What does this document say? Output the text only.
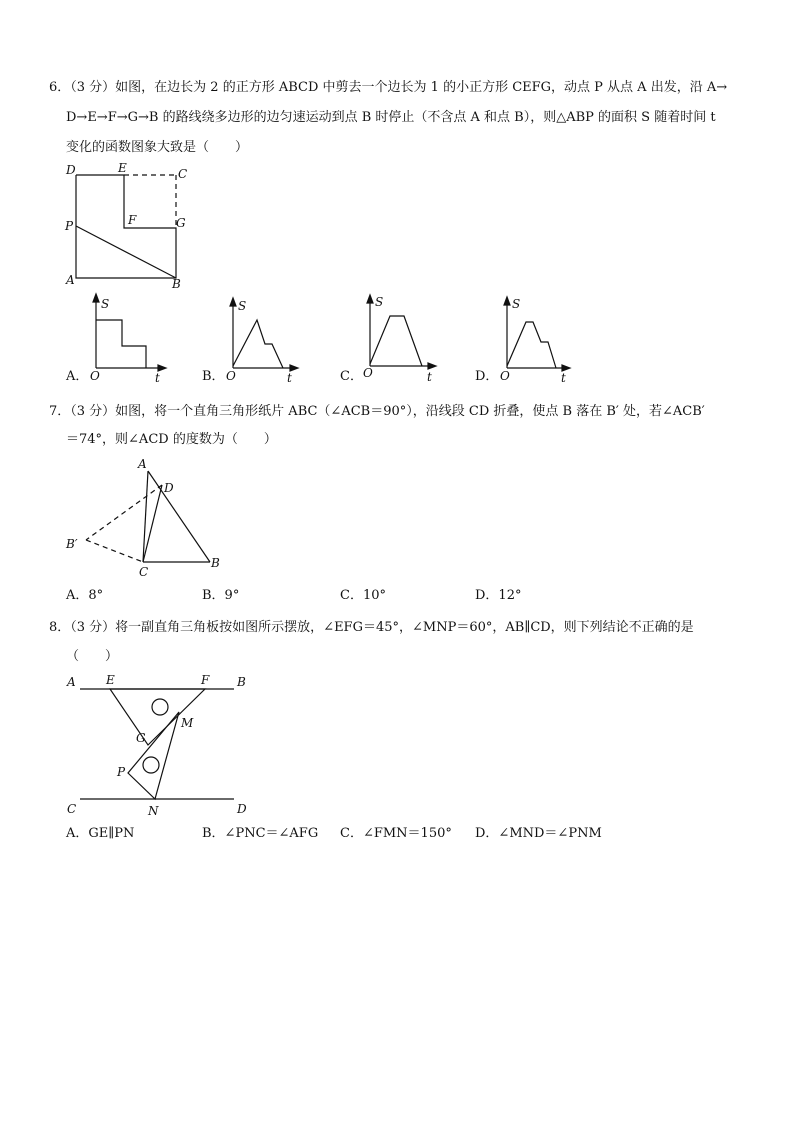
6．（3 分）如图，在边长为 2 的正方形 ABCD 中剪去一个边长为 1 的小正方形 CEFG，动点 P 从点 A 出发，沿 A→
D→E→F→G→B 的路线绕多边形的边匀速运动到点 B 时停止（不含点 A 和点 B），则△ABP 的面积 S 随着时间 t
变化的函数图象大致是（　　）
D	E	C
P	F	G
A	B
S
O	t
S
O	t
S
O	t
S
O	t
A．	B．	C．	D．
7．（3 分）如图，将一个直角三角形纸片 ABC（∠ACB＝90°），沿线段 CD 折叠，使点 B 落在 B′ 处，若∠ACB′
＝74°，则∠ACD 的度数为（　　）
A
D
B′
C
B
A．8°	B．9°	C．10°	D．12°
8．（3 分）将一副直角三角板按如图所示摆放，∠EFG＝45°，∠MNP＝60°，AB∥CD，则下列结论不正确的是
（　　）
A	E	F B
M
G
P
C	N	D
A．GE∥PN	B．∠PNC＝∠AFG C．∠FMN＝150° D．∠MND＝∠PNM
